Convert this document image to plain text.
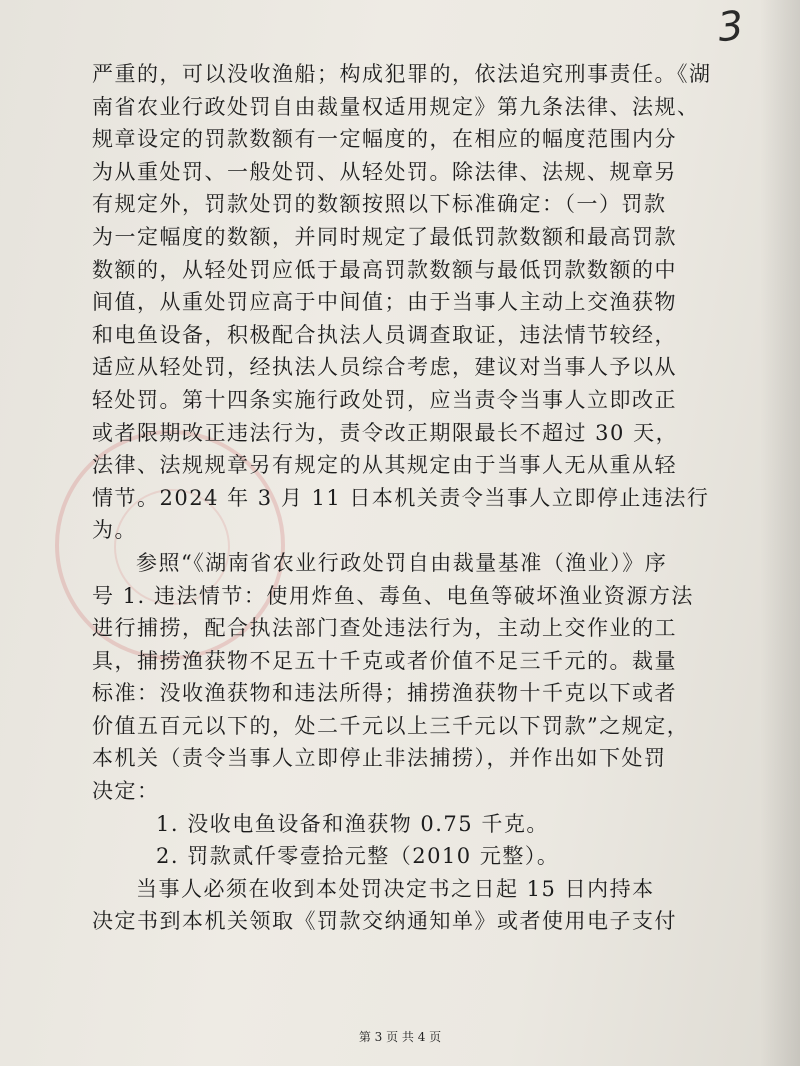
3
严重的，可以没收渔船；构成犯罪的，依法追究刑事责任。《湖
南省农业行政处罚自由裁量权适用规定》第九条法律、法规、
规章设定的罚款数额有一定幅度的，在相应的幅度范围内分
为从重处罚、一般处罚、从轻处罚。除法律、法规、规章另
有规定外，罚款处罚的数额按照以下标准确定：（一）罚款
为一定幅度的数额，并同时规定了最低罚款数额和最高罚款
数额的，从轻处罚应低于最高罚款数额与最低罚款数额的中
间值，从重处罚应高于中间值；由于当事人主动上交渔获物
和电鱼设备，积极配合执法人员调查取证，违法情节较经，
适应从轻处罚，经执法人员综合考虑，建议对当事人予以从
轻处罚。第十四条实施行政处罚，应当责令当事人立即改正
或者限期改正违法行为，责令改正期限最长不超过 30 天，
法律、法规规章另有规定的从其规定由于当事人无从重从轻
情节。2024 年 3 月 11 日本机关责令当事人立即停止违法行
为。
参照“《湖南省农业行政处罚自由裁量基准（渔业）》序
号 1. 违法情节：使用炸鱼、毒鱼、电鱼等破坏渔业资源方法
进行捕捞，配合执法部门查处违法行为，主动上交作业的工
具，捕捞渔获物不足五十千克或者价值不足三千元的。裁量
标准：没收渔获物和违法所得；捕捞渔获物十千克以下或者
价值五百元以下的，处二千元以上三千元以下罚款”之规定，
本机关（责令当事人立即停止非法捕捞），并作出如下处罚
决定：
1. 没收电鱼设备和渔获物 0.75 千克。
2. 罚款贰仟零壹拾元整（2010 元整）。
当事人必须在收到本处罚决定书之日起 15 日内持本
决定书到本机关领取《罚款交纳通知单》或者使用电子支付
第 3 页 共 4 页
